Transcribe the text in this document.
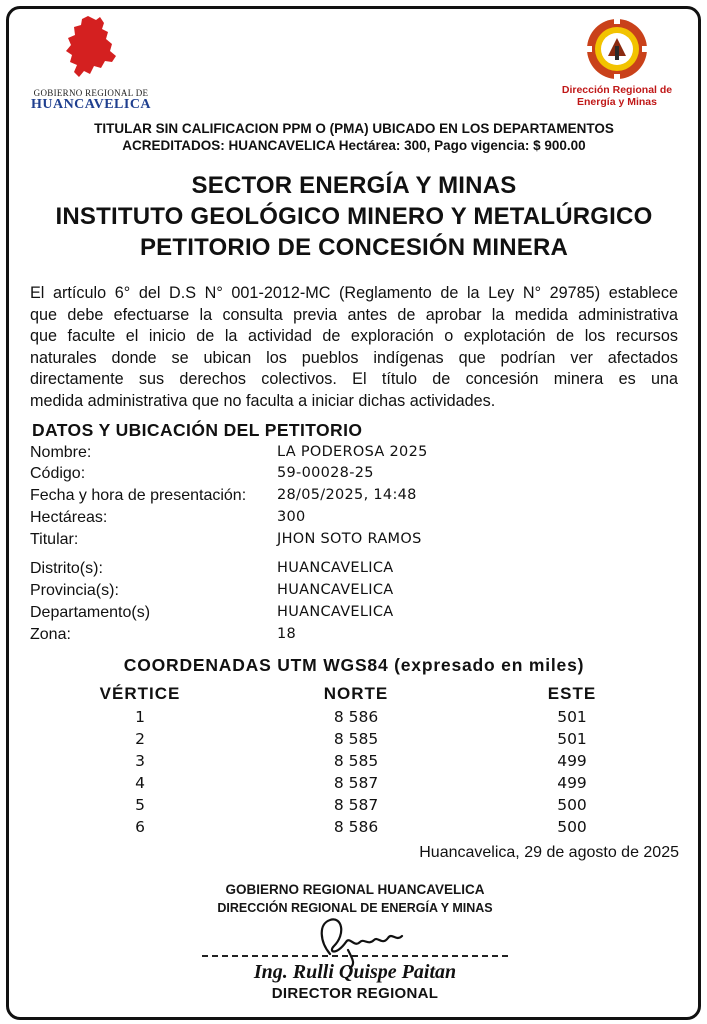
GOBIERNO REGIONAL DE
HUANCAVELICA
Dirección Regional de
Energía y Minas
TITULAR SIN CALIFICACION PPM O (PMA) UBICADO EN LOS DEPARTAMENTOS
ACREDITADOS: HUANCAVELICA Hectárea: 300, Pago vigencia: $ 900.00
SECTOR ENERGÍA Y MINAS
INSTITUTO GEOLÓGICO MINERO Y METALÚRGICO
PETITORIO DE CONCESIÓN MINERA

El artículo 6° del D.S N° 001-2012-MC (Reglamento de la Ley N° 29785) establece

que debe efectuarse la consulta previa antes de aprobar la medida administrativa

que faculte el inicio de la actividad de exploración o explotación de los recursos

naturales donde se ubican los pueblos indígenas que podrían ver afectados

directamente sus derechos colectivos. El título de concesión minera es una

medida administrativa que no faculta a iniciar dichas actividades.

DATOS Y UBICACIÓN DEL PETITORIO
Nombre:	LA PODEROSA 2025
Código:	59-00028-25
Fecha y hora de presentación: 28/05/2025, 14:48
Hectáreas:	300
Titular:	JHON SOTO RAMOS
Distrito(s):	HUANCAVELICA
Provincia(s):	HUANCAVELICA
Departamento(s)	HUANCAVELICA
Zona:	18
COORDENADAS UTM WGS84 (expresado en miles)
VÉRTICE	NORTE	ESTE
1	8 586	501
2	8 585	501
3	8 585	499
4	8 587	499
5	8 587	500
6	8 586	500
Huancavelica, 29 de agosto de 2025
GOBIERNO REGIONAL HUANCAVELICA
DIRECCIÓN REGIONAL DE ENERGÍA Y MINAS
Ing. Rulli Quispe Paitan
DIRECTOR REGIONAL
